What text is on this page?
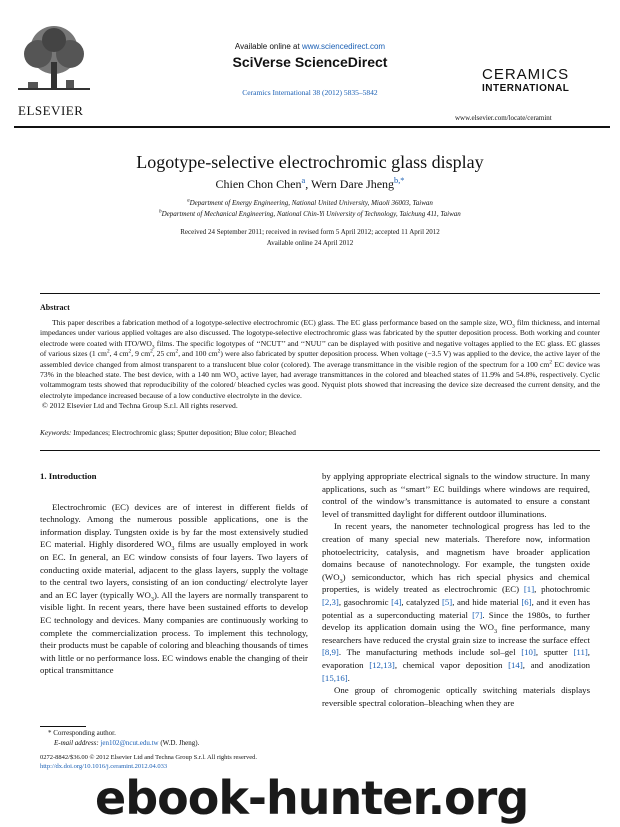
ELSEVIER
Available online at www.sciencedirect.com
SciVerse ScienceDirect
Ceramics International 38 (2012) 5835–5842
CERAMICS
INTERNATIONAL
www.elsevier.com/locate/ceramint
Logotype-selective electrochromic glass display
Chien Chon Chen$^a$, Wern Dare Jheng$^{b,*}$
$^a$Department of Energy Engineering, National United University, Miaoli 36003, Taiwan
$^b$Department of Mechanical Engineering, National Chin-Yi University of Technology, Taichung 411, Taiwan
Received 24 September 2011; received in revised form 5 April 2012; accepted 11 April 2012
Available online 24 April 2012
Abstract
This paper describes a fabrication method of a logotype-selective electrochromic (EC) glass. The EC glass performance based on the sample size, $WO_3$ film thickness, and internal impedances under various applied voltages are also discussed. The logotype-selective electrochromic glass was fabricated by the sputter deposition process. Both working and counter electrode were coated with ITO/$WO_3$ films. The specific logotypes of ‘‘NCUT’’ and ‘‘NUU’’ can be displayed with positive and negative voltages applied to the EC glass. EC glasses of various sizes (1 $cm^2$, 4 $cm^2$, 9 $cm^2$, 25 $cm^2$, and 100 $cm^2$) were also fabricated by sputter deposition process. When voltage (−3.5 V) was applied to the device, the active layer of the assembled device changed from almost transparent to a translucent blue color (colored). The average transmittance in the visible region of the spectrum for a 100 $cm^2$ EC device was 73% in the bleached state. The best device, with a 140 nm $WO_3$ active layer, had average transmittances in the colored and bleached states of 11.9% and 54.8%, respectively. Cyclic voltammogram tests showed that reproducibility of the colored/ bleached cycles was good. Nyquist plots showed that increasing the device size decreased the current density, and the electrolyte impedance increased because of a low conductive electrolyte in the device.
© 2012 Elsevier Ltd and Techna Group S.r.l. All rights reserved.
Keywords: Impedances; Electrochromic glass; Sputter deposition; Blue color; Bleached
1. Introduction

Electrochromic (EC) devices are of interest in different fields of technology. Among the numerous possible applications, one is the information display. Tungsten oxide is by far the most extensively studied EC material. Highly disordered $WO_3$ films are usually employed in work on EC. In general, an EC window consists of four layers. Two layers of conducting oxide material, adjacent to the glass layers, supply the voltage to the central two layers, consisting of an ion conducting/ electrolyte layer and an EC layer (typically $WO_3$). All the layers are normally transparent to visible light. In recent years, there have been sustained efforts to develop EC technology and devices. Many companies are continuously working to complete the commercialization process. To implement this technology, their products must be capable of coloring and bleaching thousands of times with little or no performance loss. EC windows enable the changing of their optical transmittance

* Corresponding author.
E-mail address: jen102@ncut.edu.tw (W.D. Jheng).

by applying appropriate electrical signals to the window structure. In many applications, such as ‘‘smart’’ EC buildings where windows are required, control of the window’s transmittance is automated to ensure a constant level of transmitted daylight for different outdoor illuminations.

In recent years, the nanometer technological progress has led to the creation of many special new materials. Therefore now, information photoelectricity, catalysis, and magnetism have broader application domains because of nanotechnology. For example, the tungsten oxide $(WO_3)$ semiconductor, which has rich special physics and chemical properties, is widely treated as electrochromic (EC) [1], photochromic [2,3], gasochromic [4], catalyzed [5], and hide material [6], and it even has potential as a superconducting material [7]. Since the 1980s, to further develop its application domain using the $WO_3$ fine performance, many researchers have reduced the crystal grain size to increase the surface effect [8,9]. The manufacturing methods include sol–gel [10], sputter [11], evaporation [12,13], chemical vapor deposition [14], and anodization [15,16].

One group of chromogenic optically switching materials displays reversible spectral coloration–bleaching when they are

0272-8842/$36.00 © 2012 Elsevier Ltd and Techna Group S.r.l. All rights reserved.
http://dx.doi.org/10.1016/j.ceramint.2012.04.033
ebook-hunter.org
